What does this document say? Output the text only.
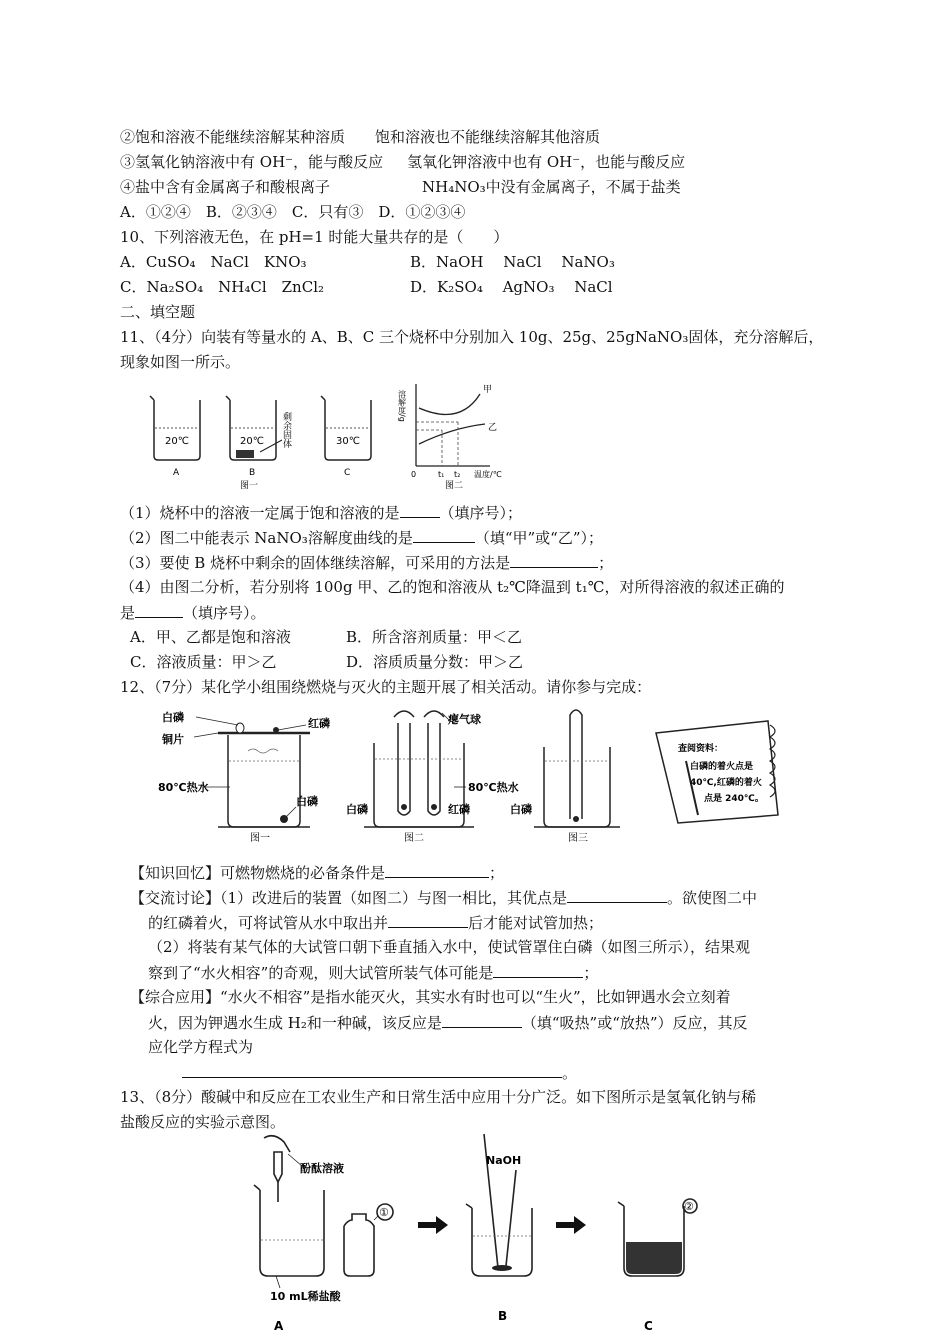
②饱和溶液不能继续溶解某种溶质 饱和溶液也不能继续溶解其他溶质
③氢氧化钠溶液中有 OH⁻，能与酸反应 氢氧化钾溶液中也有 OH⁻，也能与酸反应
④盐中含有金属离子和酸根离子	NH₄NO₃中没有金属离子，不属于盐类
A．①②④　B．②③④　C．只有③　D．①②③④
10、下列溶液无色，在 pH=1 时能大量共存的是（　　）
A．CuSO₄　NaCl　KNO₃	B．NaOH　 NaCl　 NaNO₃
C．Na₂SO₄　NH₄Cl　ZnCl₂	D．K₂SO₄　 AgNO₃　 NaCl
二、填空题
11、（4分）向装有等量水的 A、B、C 三个烧杯中分别加入 10g、25g、25gNaNO₃固体，充分溶解后，
现象如图一所示。
20℃	20℃	30℃
A	B	C
剩余固体
图一
溶解度/g	甲
乙
0	t₁ t₂ 温度/℃
图二
（1）烧杯中的溶液一定属于饱和溶液的是	（填序号）；
（2）图二中能表示 NaNO₃溶解度曲线的是	（填“甲”或“乙”）；
（3）要使 B 烧杯中剩余的固体继续溶解，可采用的方法是	；
（4）由图二分析，若分别将 100g 甲、乙的饱和溶液从 t₂℃降温到 t₁℃，对所得溶液的叙述正确的
是	（填序号）。
A．甲、乙都是饱和溶液	B．所含溶剂质量：甲＜乙
C．溶液质量：甲＞乙	D．溶质质量分数：甲＞乙
12、（7分）某化学小组围绕燃烧与灭火的主题开展了相关活动。请你参与完成：
白磷
铜片
红磷
80℃热水
白磷
图一
瘪气球
80℃热水
白磷	红磷
图二
白磷
图三
查阅资料：
白磷的着火点是
40℃,红磷的着火
点是 240℃。
【知识回忆】可燃物燃烧的必备条件是	；
【交流讨论】（1）改进后的装置（如图二）与图一相比，其优点是	。欲使图二中
的红磷着火，可将试管从水中取出并	后才能对试管加热；
（2）将装有某气体的大试管口朝下垂直插入水中，使试管罩住白磷（如图三所示），结果观
察到了“水火相容”的奇观，则大试管所装气体可能是	；
【综合应用】“水火不相容”是指水能灭火，其实水有时也可以“生火”，比如钾遇水会立刻着
火，因为钾遇水生成 H₂和一种碱，该反应是	（填“吸热”或“放热”）反应，其反
应化学方程式为
。
13、（8分）酸碱中和反应在工农业生产和日常生活中应用十分广泛。如下图所示是氢氧化钠与稀
盐酸反应的实验示意图。
酚酞溶液
①
10 mL稀盐酸
A
NaOH
B
②
C
